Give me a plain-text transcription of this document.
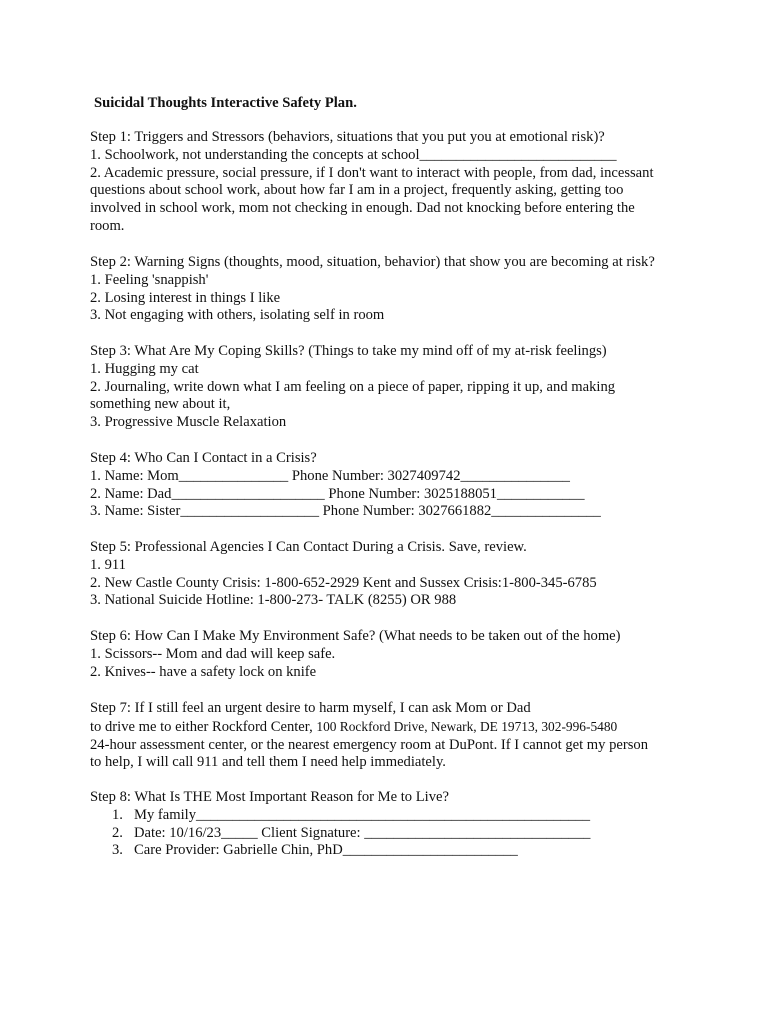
Suicidal Thoughts Interactive Safety Plan.
Step 1: Triggers and Stressors (behaviors, situations that you put you at emotional risk)?
1. Schoolwork, not understanding the concepts at school___________________________
2. Academic pressure, social pressure, if I don't want to interact with people, from dad, incessant
questions about school work, about how far I am in a project, frequently asking, getting too
involved in school work, mom not checking in enough. Dad not knocking before entering the
room.
Step 2: Warning Signs (thoughts, mood, situation, behavior) that show you are becoming at risk?
1. Feeling 'snappish'
2. Losing interest in things I like
3. Not engaging with others, isolating self in room
Step 3: What Are My Coping Skills? (Things to take my mind off of my at-risk feelings)
1. Hugging my cat
2. Journaling, write down what I am feeling on a piece of paper, ripping it up, and making
something new about it,
3. Progressive Muscle Relaxation
Step 4: Who Can I Contact in a Crisis?
1. Name: Mom_______________ Phone Number: 3027409742_______________
2. Name: Dad_____________________ Phone Number: 3025188051____________
3. Name: Sister___________________ Phone Number: 3027661882_______________
Step 5: Professional Agencies I Can Contact During a Crisis. Save, review.
1. 911
2. New Castle County Crisis: 1-800-652-2929 Kent and Sussex Crisis:1-800-345-6785
3. National Suicide Hotline: 1-800-273- TALK (8255) OR 988
Step 6: How Can I Make My Environment Safe? (What needs to be taken out of the home)
1. Scissors-- Mom and dad will keep safe.
2. Knives-- have a safety lock on knife
Step 7: If I still feel an urgent desire to harm myself, I can ask Mom or Dad
to drive me to either Rockford Center, 100 Rockford Drive, Newark, DE 19713, 302-996-5480
24-hour assessment center, or the nearest emergency room at DuPont. If I cannot get my person
to help, I will call 911 and tell them I need help immediately.
Step 8: What Is THE Most Important Reason for Me to Live?
1. My family______________________________________________________
2. Date: 10/16/23_____ Client Signature: _______________________________
3. Care Provider: Gabrielle Chin, PhD________________________
